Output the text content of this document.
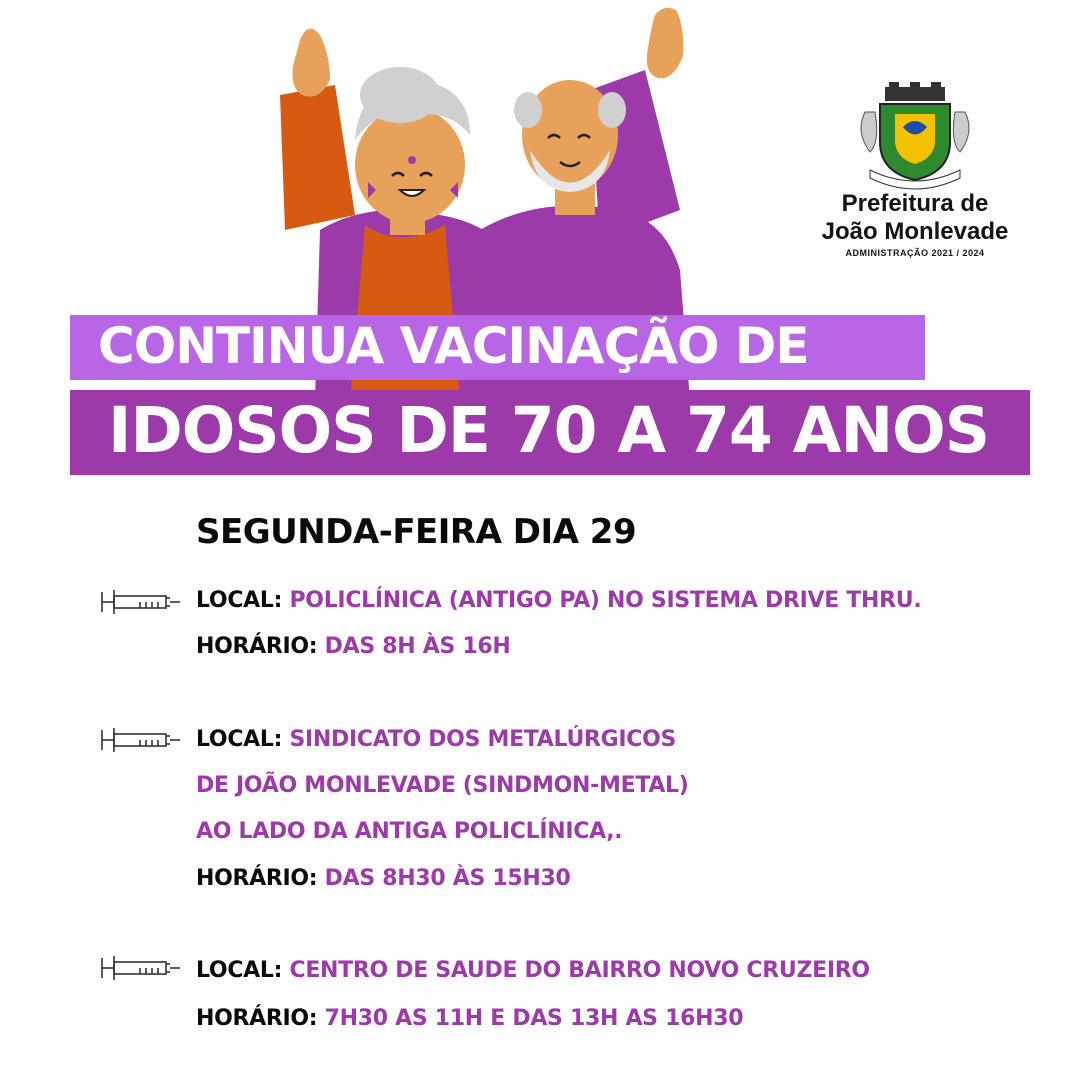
Prefeitura de
João Monlevade
ADMINISTRAÇÃO 2021 / 2024
CONTINUA VACINAÇÃO DE
IDOSOS DE 70 A 74 ANOS
SEGUNDA-FEIRA DIA 29
LOCAL: POLICLÍNICA (ANTIGO PA) NO SISTEMA DRIVE THRU.
HORÁRIO: DAS 8H ÀS 16H
LOCAL: SINDICATO DOS METALÚRGICOS
DE JOÃO MONLEVADE (SINDMON-METAL)
AO LADO DA ANTIGA POLICLÍNICA,.
HORÁRIO: DAS 8H30 ÀS 15H30
LOCAL: CENTRO DE SAUDE DO BAIRRO NOVO CRUZEIRO
HORÁRIO: 7H30 AS 11H E DAS 13H AS 16H30
